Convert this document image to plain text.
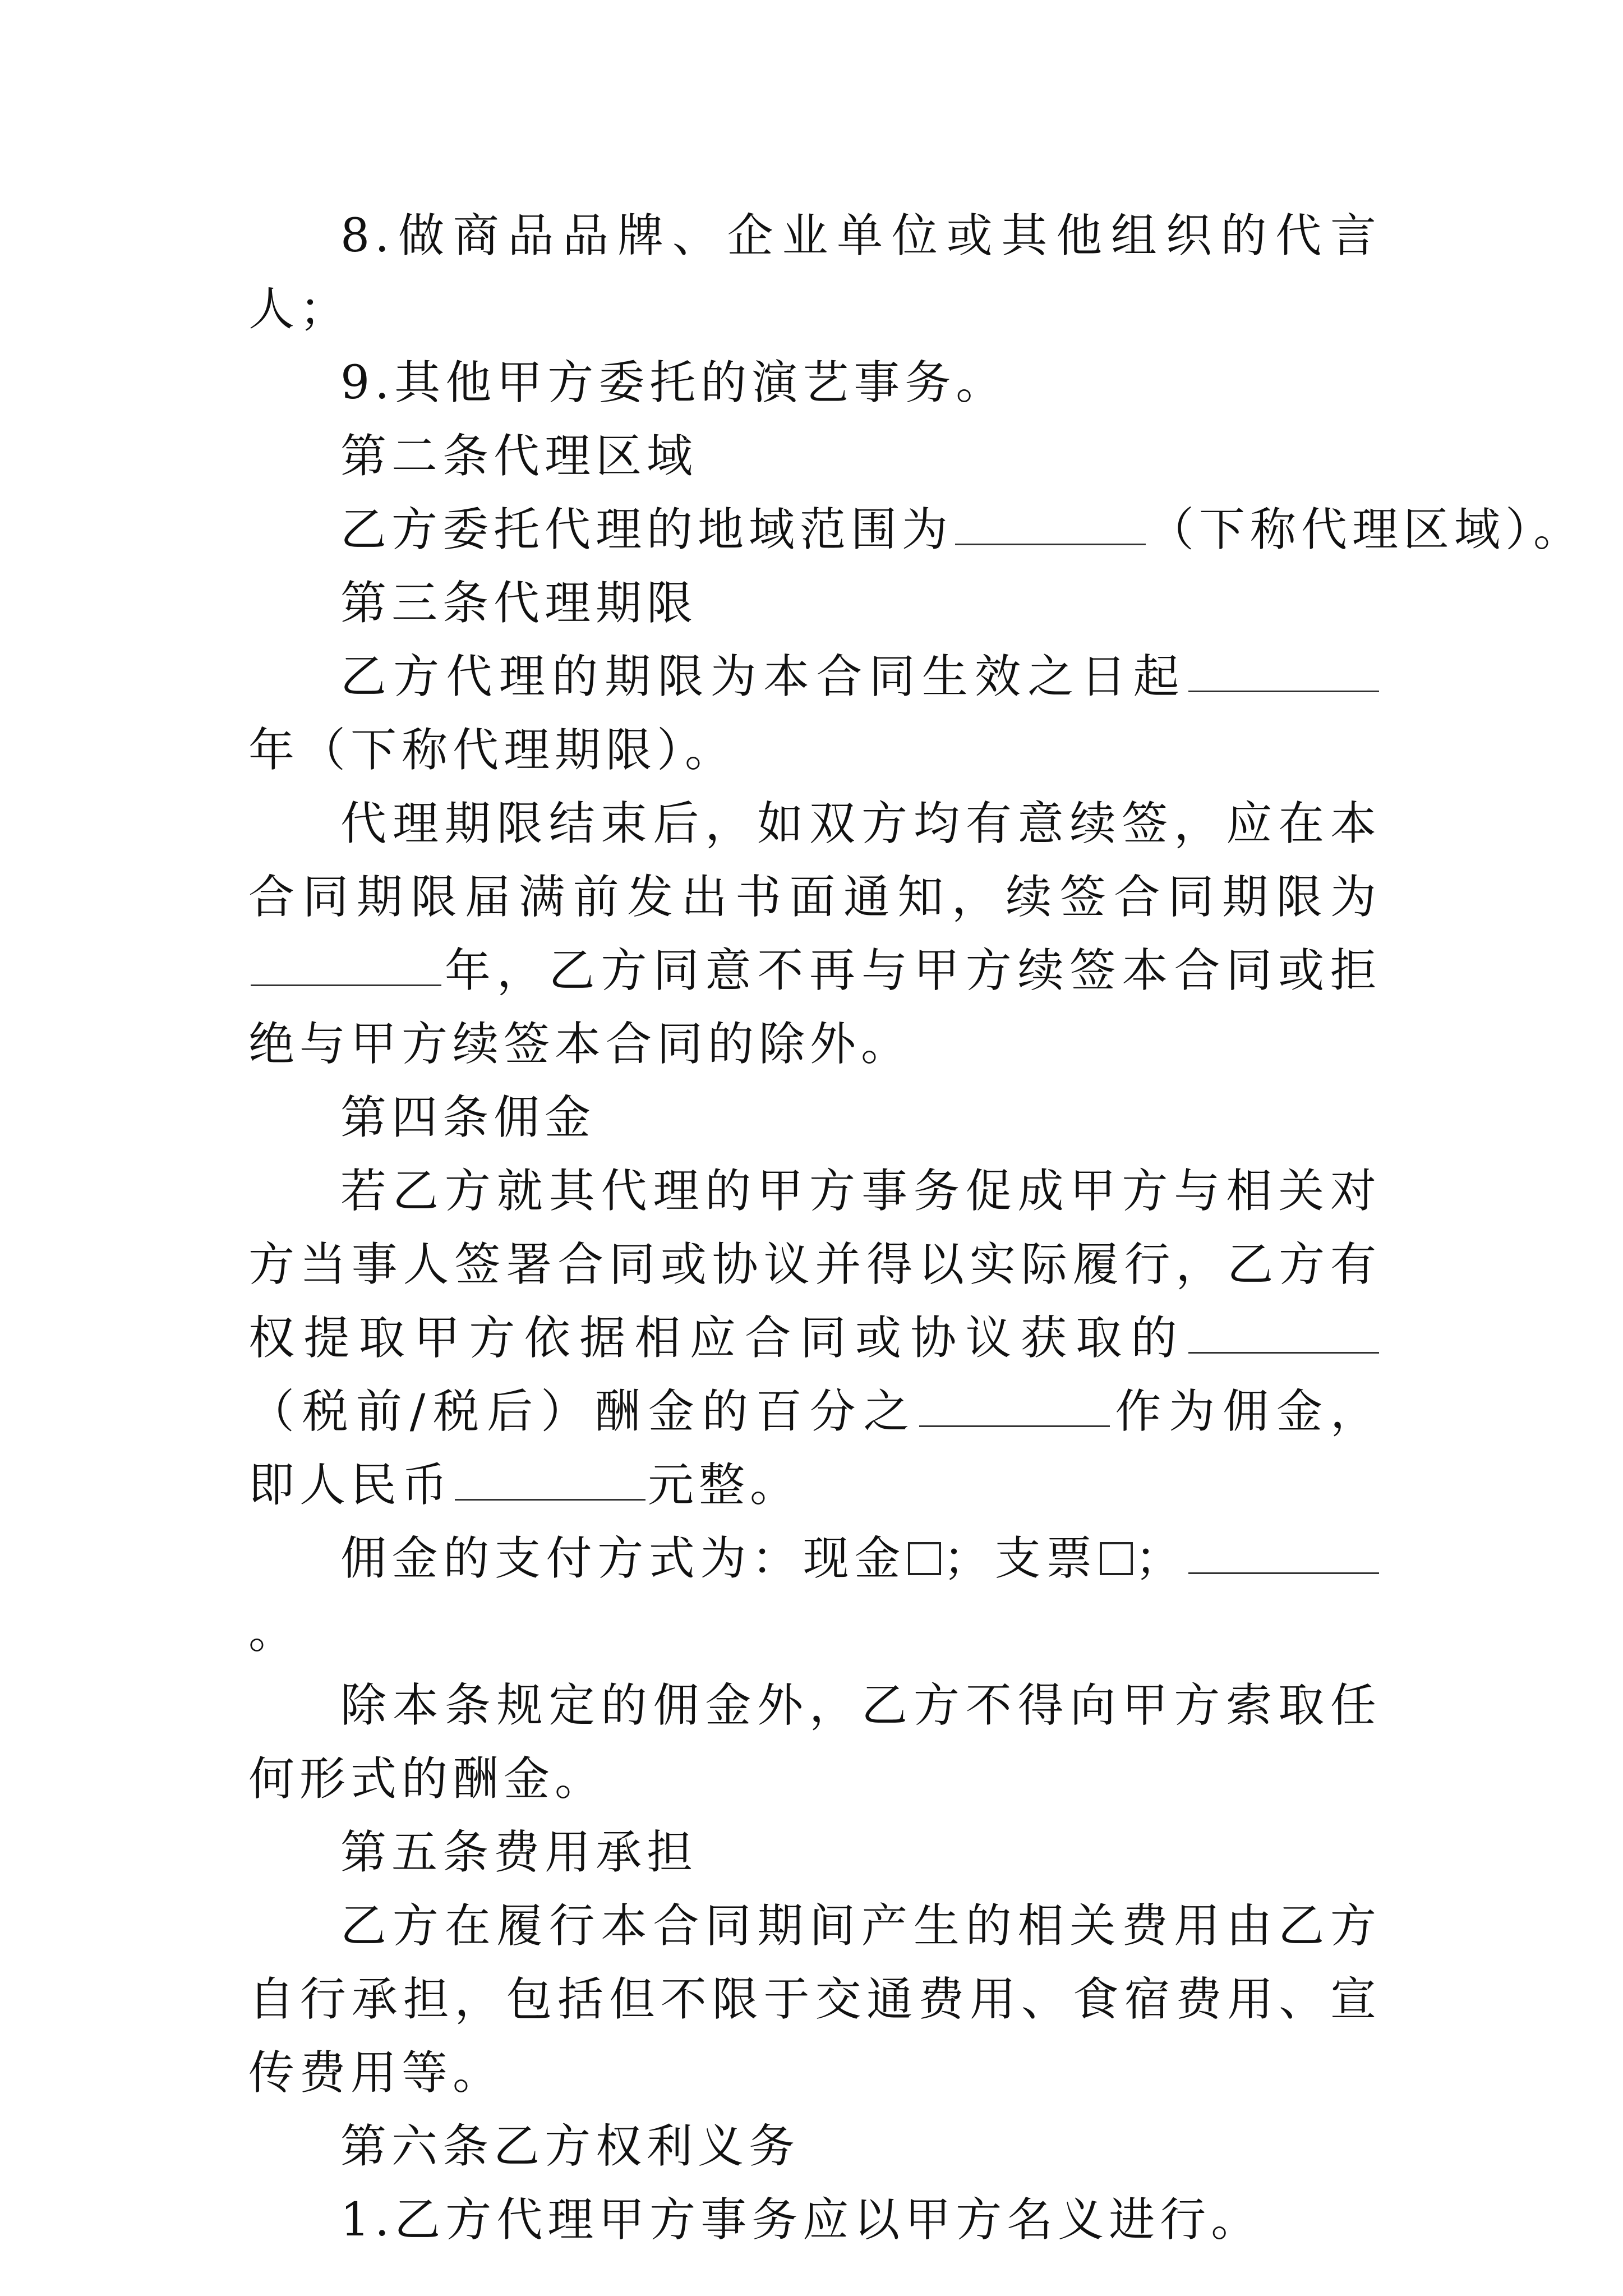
8.做商品品牌、企业单位或其他组织的代言人；

9.其他甲方委托的演艺事务。

第二条代理区域

乙方委托代理的地域范围为	（下称代理区域）。

第三条代理期限

乙方代理的期限为本合同生效之日起年（下称代理期限）。

代理期限结束后，如双方均有意续签，应在本合同期限届满前发出书面通知，续签合同期限为年，乙方同意不再与甲方续签本合同或拒绝与甲方续签本合同的除外。

第四条佣金

若乙方就其代理的甲方事务促成甲方与相关对方当事人签署合同或协议并得以实际履行，乙方有权提取甲方依据相应合同或协议获取的（税前/税后）酬金的百分之	作为佣金，即人民币	元整。

佣金的支付方式为：现金 ；支票 ；。

除本条规定的佣金外，乙方不得向甲方索取任何形式的酬金。

第五条费用承担

乙方在履行本合同期间产生的相关费用由乙方自行承担，包括但不限于交通费用、食宿费用、宣传费用等。

第六条乙方权利义务

1.乙方代理甲方事务应以甲方名义进行。
